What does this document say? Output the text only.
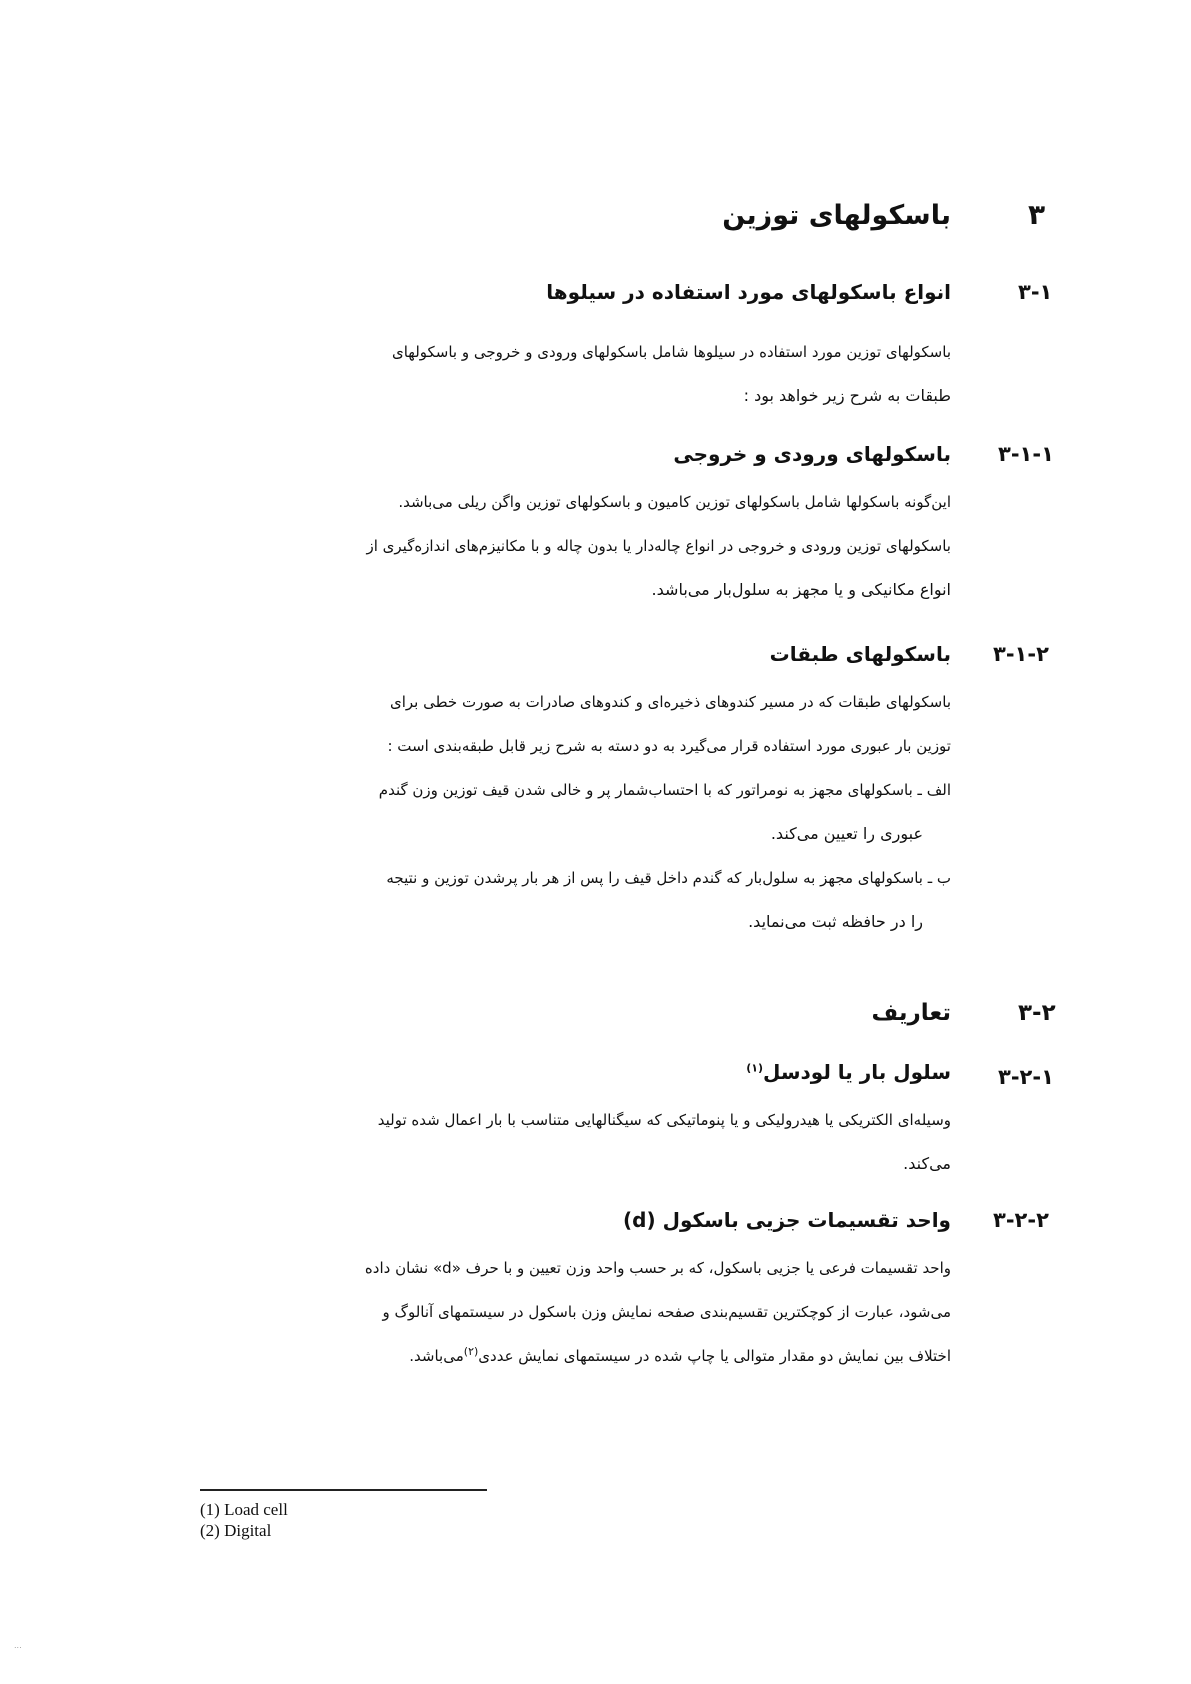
۳
باسکولهای توزین
۳-۱
انواع باسکولهای مورد استفاده در سیلوها
باسکولهای توزین مورد استفاده در سیلوها شامل باسکولهای ورودی و خروجی و باسکولهای
طبقات به شرح زیر خواهد بود :
۳-۱-۱
باسکولهای ورودی و خروجی
این‌گونه باسکولها شامل باسکولهای توزین کامیون و باسکولهای توزین واگن ریلی می‌باشد.
باسکولهای توزین ورودی و خروجی در انواع چاله‌دار یا بدون چاله و با مکانیزم‌های اندازه‌گیری از
انواع مکانیکی و یا مجهز به سلول‌بار می‌باشد.
۳-۱-۲
باسکولهای طبقات
باسکولهای طبقات که در مسیر کندوهای ذخیره‌ای و کندوهای صادرات به صورت خطی برای
توزین بار عبوری مورد استفاده قرار می‌گیرد به دو دسته به شرح زیر قابل طبقه‌بندی است :
الف ـ باسکولهای مجهز به نومراتور که با احتساب‌شمار پر و خالی شدن قیف توزین وزن گندم
عبوری را تعیین می‌کند.
ب ـ باسکولهای مجهز به سلول‌بار که گندم داخل قیف را پس از هر بار پرشدن توزین و نتیجه
را در حافظه ثبت می‌نماید.
۳-۲
تعاریف
۳-۲-۱
سلول بار یا لودسل$^{(۱)}$
وسیله‌ای الکتریکی یا هیدرولیکی و یا پنوماتیکی که سیگنالهایی متناسب با بار اعمال شده تولید
می‌کند.
۳-۲-۲
واحد تقسیمات جزیی باسکول (d)
واحد تقسیمات فرعی یا جزیی باسکول، که بر حسب واحد وزن تعیین و با حرف «d» نشان داده
می‌شود، عبارت از کوچکترین تقسیم‌بندی صفحه نمایش وزن باسکول در سیستمهای آنالوگ و
اختلاف بین نمایش دو مقدار متوالی یا چاپ شده در سیستمهای نمایش عددی$^{(۲)}$می‌باشد.
(1) Load cell
(2) Digital
...
